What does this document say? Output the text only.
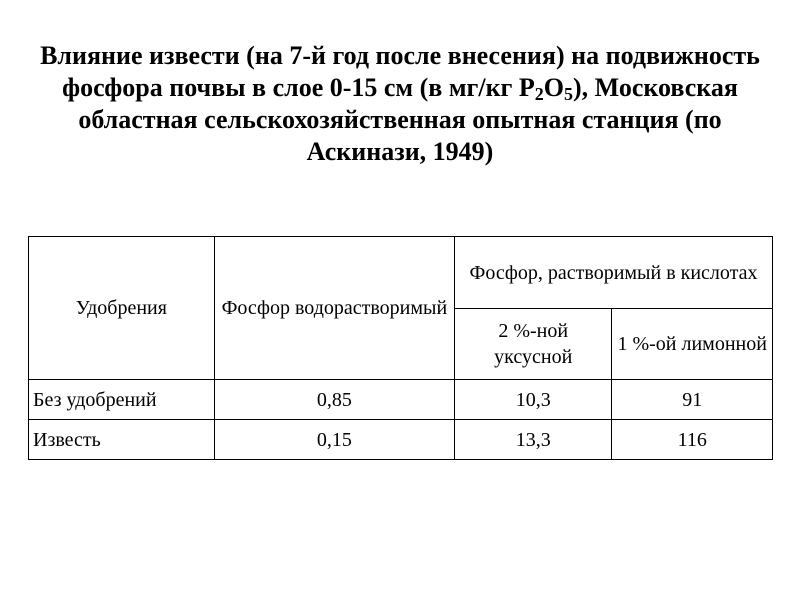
Влияние извести (на 7-й год после внесения) на подвижность фосфора почвы в слое 0-15 см (в мг/кг $P_2O_5$), Московская областная сельскохозяйственная опытная станция (по Аскинази, 1949)
Удобрения	Фосфор водорастворимый	Фосфор, растворимый в кислотах	
		2 %-ной уксусной	1 %-ой лимонной
Без удобрений	0,85	10,3	91
Известь	0,15	13,3	116
